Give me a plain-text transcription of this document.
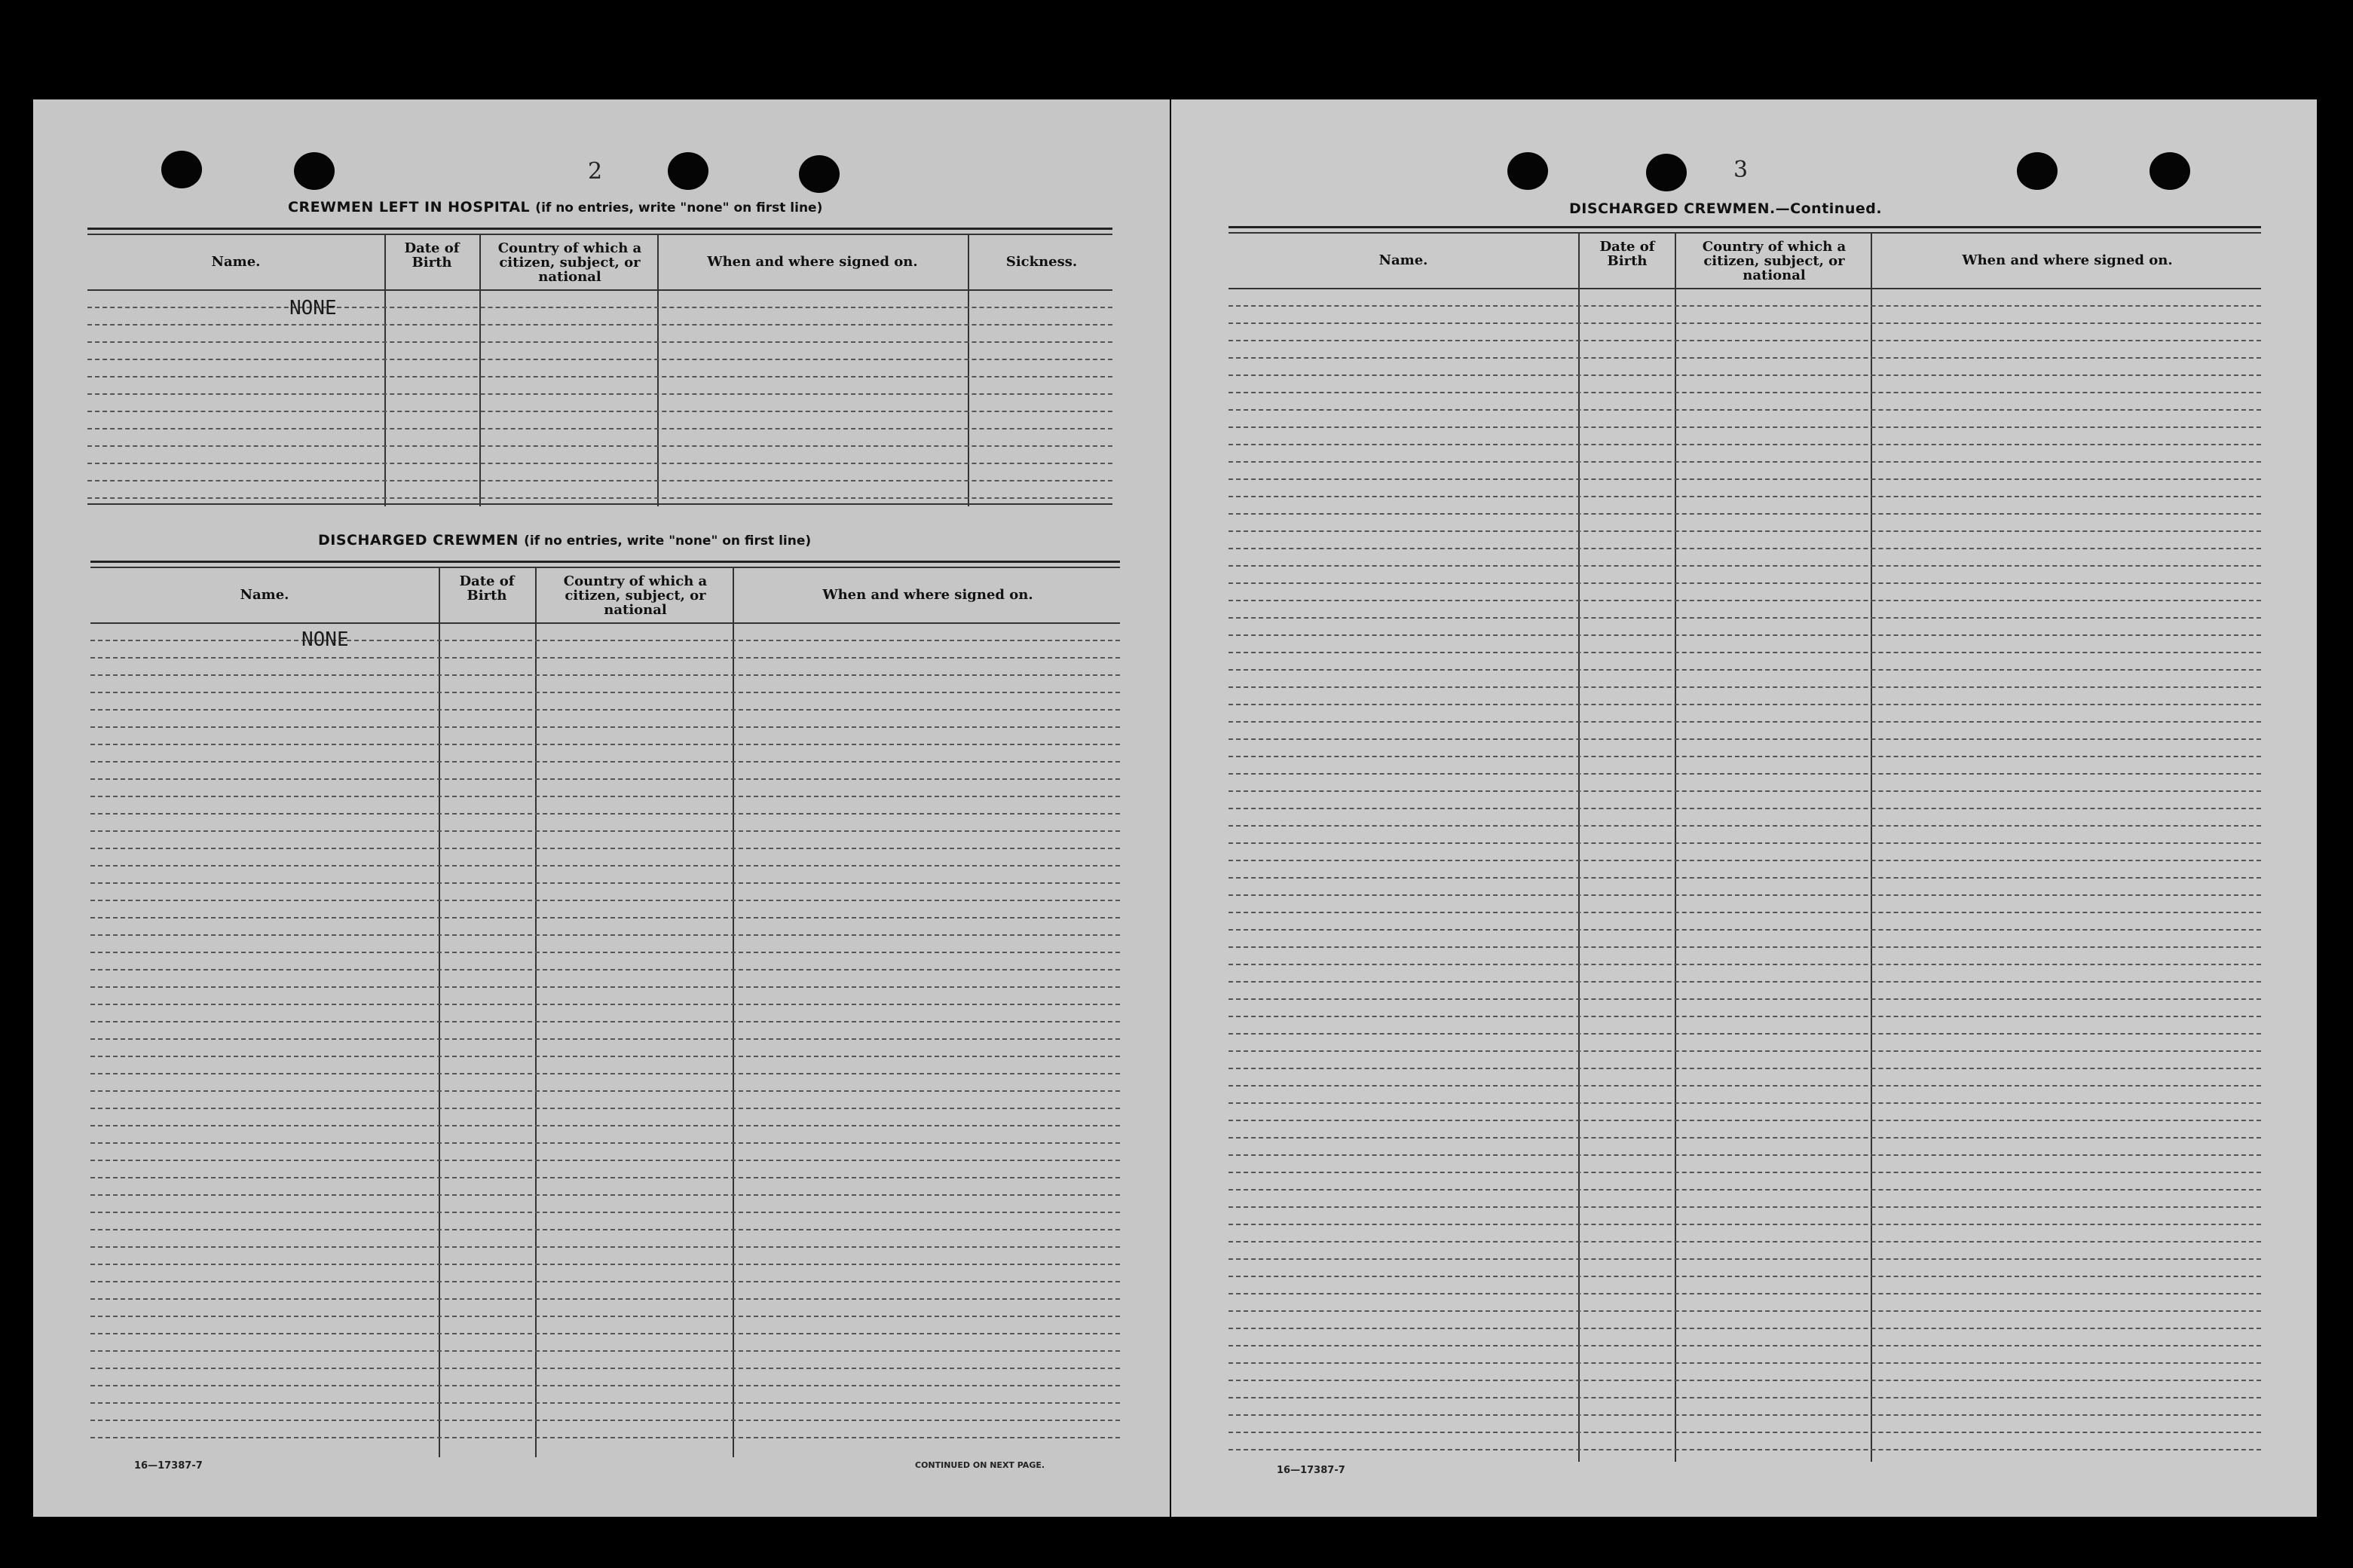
2
CREWMEN LEFT IN HOSPITAL (if no entries, write "none" on first line)
Name.
Date of Birth
Country of which a citizen, subject, or national
When and where signed on.	Sickness.
NONE
DISCHARGED CREWMEN (if no entries, write "none" on first line)
Name.
Date of Birth
Country of which a citizen, subject, or national
When and where signed on.
NONE
16—17387-7	CONTINUED ON NEXT PAGE.
3
DISCHARGED CREWMEN.—Continued.
Name.
Date of Birth
Country of which a citizen, subject, or national
When and where signed on.
16—17387-7
